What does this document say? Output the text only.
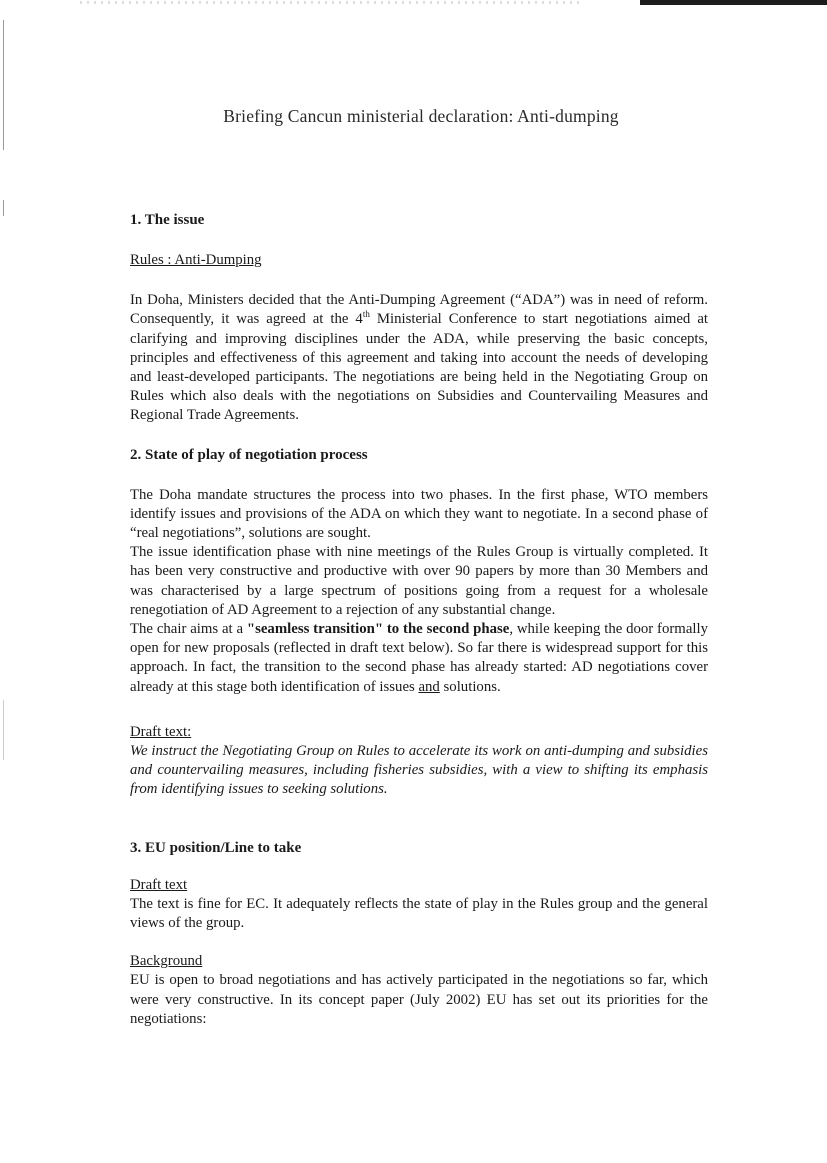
Briefing Cancun ministerial declaration: Anti-dumping
1. The issue
Rules : Anti-Dumping

In Doha, Ministers decided that the Anti-Dumping Agreement (“ADA”) was in need of reform. Consequently, it was agreed at the 4th Ministerial Conference to start negotiations aimed at clarifying and improving disciplines under the ADA, while preserving the basic concepts, principles and effectiveness of this agreement and taking into account the needs of developing and least-developed participants. The negotiations are being held in the Negotiating Group on Rules which also deals with the negotiations on Subsidies and Countervailing Measures and Regional Trade Agreements.

2. State of play of negotiation process

The Doha mandate structures the process into two phases. In the first phase, WTO members identify issues and provisions of the ADA on which they want to negotiate. In a second phase of “real negotiations”, solutions are sought.

The issue identification phase with nine meetings of the Rules Group is virtually completed. It has been very constructive and productive with over 90 papers by more than 30 Members and was characterised by a large spectrum of positions going from a request for a wholesale renegotiation of AD Agreement to a rejection of any substantial change.

The chair aims at a "seamless transition" to the second phase, while keeping the door formally open for new proposals (reflected in draft text below). So far there is widespread support for this approach. In fact, the transition to the second phase has already started: AD negotiations cover already at this stage both identification of issues and solutions.

Draft text:

We instruct the Negotiating Group on Rules to accelerate its work on anti-dumping and subsidies and countervailing measures, including fisheries subsidies, with a view to shifting its emphasis from identifying issues to seeking solutions.

3. EU position/Line to take
Draft text

The text is fine for EC. It adequately reflects the state of play in the Rules group and the general views of the group.

Background

EU is open to broad negotiations and has actively participated in the negotiations so far, which were very constructive. In its concept paper (July 2002) EU has set out its priorities for the negotiations:
